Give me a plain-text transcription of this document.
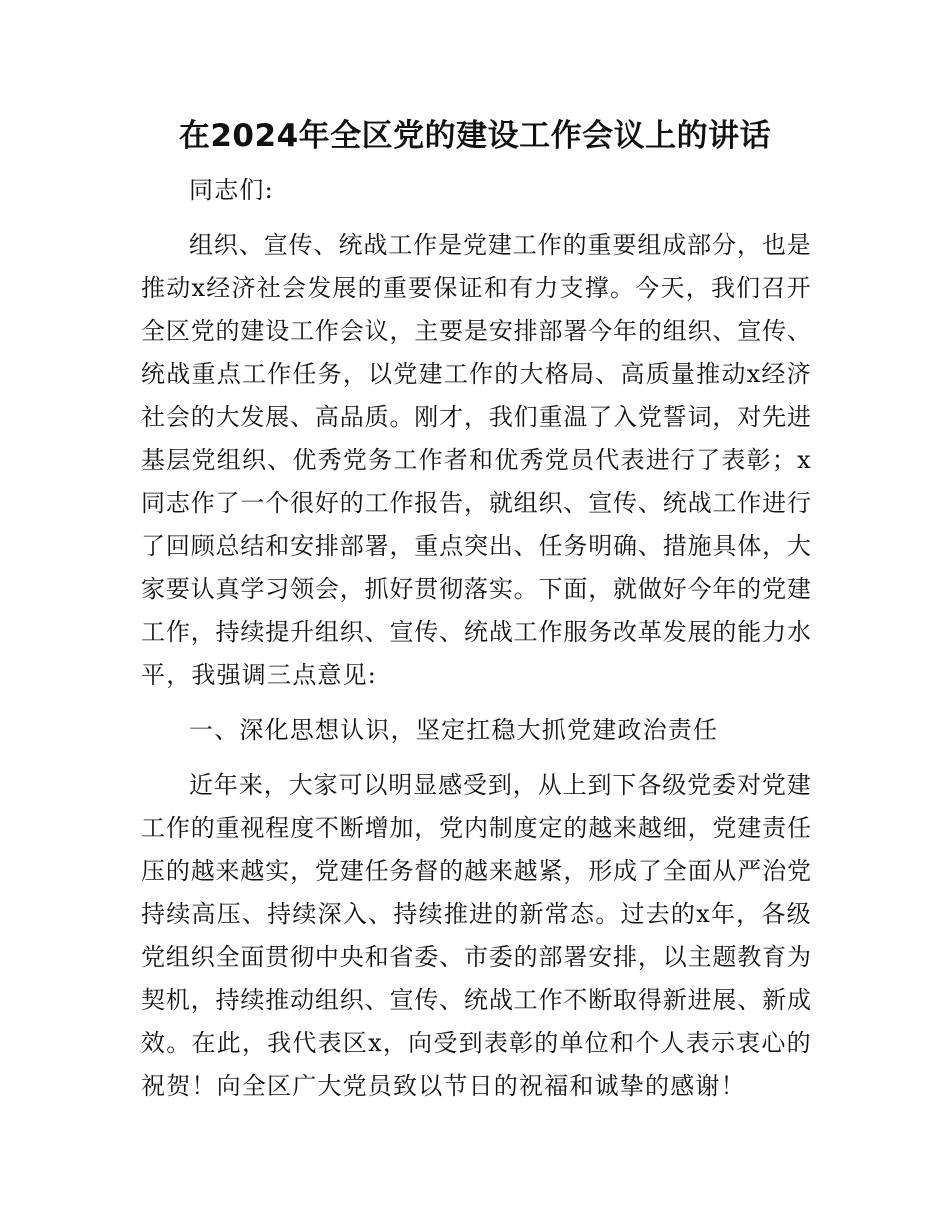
在2024年全区党的建设工作会议上的讲话
同志们:
组 织 、 宣 传 、 统 战 工 作 是 党 建 工 作 的 重 要 组 成 部 分 ， 也 是
推 动 x 经 济 社 会 发 展 的 重 要 保 证 和 有 力 支 撑 。 今 天 ， 我 们 召 开
全 区 党 的 建 设 工 作 会 议 ， 主 要 是 安 排 部 署 今 年 的 组 织 、 宣 传 、
统 战 重 点 工 作 任 务 ， 以 党 建 工 作 的 大 格 局 、 高 质 量 推 动 x 经 济
社 会 的 大 发 展 、 高 品 质 。 刚 才 ， 我 们 重 温 了 入 党 誓 词 ， 对 先 进
基 层 党 组 织 、 优 秀 党 务 工 作 者 和 优 秀 党 员 代 表 进 行 了 表 彰 ； x
同 志 作 了 一 个 很 好 的 工 作 报 告 ， 就 组 织 、 宣 传 、 统 战 工 作 进 行
了 回 顾 总 结 和 安 排 部 署 ， 重 点 突 出 、 任 务 明 确 、 措 施 具 体 ， 大
家 要 认 真 学 习 领 会 ， 抓 好 贯 彻 落 实 。 下 面 ， 就 做 好 今 年 的 党 建
工 作 ， 持 续 提 升 组 织 、 宣 传 、 统 战 工 作 服 务 改 革 发 展 的 能 力 水
平，我强调三点意见:
一、深化思想认识，坚定扛稳大抓党建政治责任
近 年 来 ， 大 家 可 以 明 显 感 受 到 ， 从 上 到 下 各 级 党 委 对 党 建
工 作 的 重 视 程 度 不 断 增 加 ， 党 内 制 度 定 的 越 来 越 细 ， 党 建 责 任
压 的 越 来 越 实 ， 党 建 任 务 督 的 越 来 越 紧 ， 形 成 了 全 面 从 严 治 党
持 续 高 压 、 持 续 深 入 、 持 续 推 进 的 新 常 态 。 过 去 的 x 年 ， 各 级
党 组 织 全 面 贯 彻 中 央 和 省 委 、 市 委 的 部 署 安 排 ， 以 主 题 教 育 为
契 机 ， 持 续 推 动 组 织 、 宣 传 、 统 战 工 作 不 断 取 得 新 进 展 、 新 成
效 。 在 此 ， 我 代 表 区 x ， 向 受 到 表 彰 的 单 位 和 个 人 表 示 衷 心 的
祝贺！向全区广大党员致以节日的祝福和诚挚的感谢！
